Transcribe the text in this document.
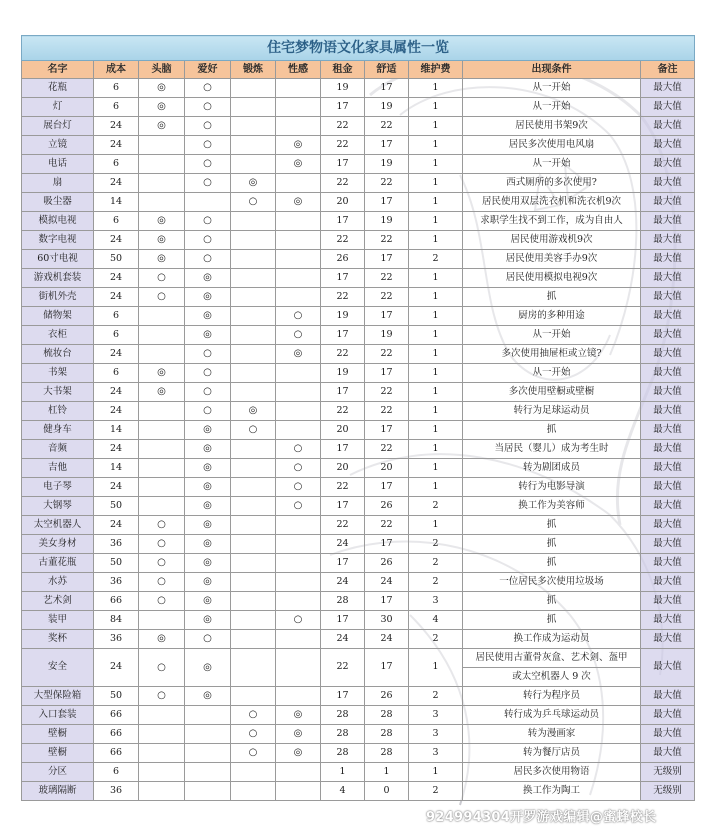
住宅梦物语文化家具属性一览										
名字	成本	头脑	爱好	锻炼	性感	租金	舒适	维护费	出现条件	备注
花瓶	6	◎	○			19	17	1	从一开始	最大值
灯	6	◎	○			17	19	1	从一开始	最大值
展台灯	24	◎	○			22	22	1	居民使用书架9次	最大值
立镜	24		○		◎	22	17	1	居民多次使用电风扇	最大值
电话	6		○		◎	17	19	1	从一开始	最大值
扇	24		○	◎		22	22	1	西式厕所的多次使用?	最大值
吸尘器	14			○	◎	20	17	1	居民使用双层洗衣机和洗衣机9次	最大值
模拟电视	6	◎	○			17	19	1	求职学生找不到工作，成为自由人	最大值
数字电视	24	◎	○			22	22	1	居民使用游戏机9次	最大值
60寸电视	50	◎	○			26	17	2	居民使用美容手办9次	最大值
游戏机套装	24	○	◎			17	22	1	居民使用模拟电视9次	最大值
街机外壳	24	○	◎			22	22	1	抓	最大值
储物架	6		◎		○	19	17	1	厨房的多种用途	最大值
衣柜	6		◎		○	17	19	1	从一开始	最大值
梳妆台	24		○		◎	22	22	1	多次使用抽屉柜或立镜?	最大值
书架	6	◎	○			19	17	1	从一开始	最大值
大书架	24	◎	○			17	22	1	多次使用壁橱或壁橱	最大值
杠铃	24		○	◎		22	22	1	转行为足球运动员	最大值
健身车	14		◎	○		20	17	1	抓	最大值
音频	24		◎		○	17	22	1	当居民（婴儿）成为考生时	最大值
吉他	14		◎		○	20	20	1	转为剧团成员	最大值
电子琴	24		◎		○	22	17	1	转行为电影导演	最大值
大钢琴	50		◎		○	17	26	2	换工作为美容师	最大值
太空机器人	24	○	◎			22	22	1	抓	最大值
美女身材	36	○	◎			24	17	2	抓	最大值
古董花瓶	50	○	◎			17	26	2	抓	最大值
水苏	36	○	◎			24	24	2	一位居民多次使用垃圾场	最大值
艺术剑	66	○	◎			28	17	3	抓	最大值
装甲	84		◎		○	17	30	4	抓	最大值
奖杯	36	◎	○			24	24	2	换工作成为运动员	最大值
安全	24	○	◎			22	17	1	居民使用古董骨灰盒、艺术剑、盔甲
或太空机器人 9 次	最大值
大型保险箱	50	○	◎			17	26	2	转行为程序员	最大值
入口套装	66			○	◎	28	28	3	转行成为乒乓球运动员	最大值
壁橱	66			○	◎	28	28	3	转为漫画家	最大值
壁橱	66			○	◎	28	28	3	转为餐厅店员	最大值
分区	6					1	1	1	居民多次使用物语	无级别
玻璃隔断	36					4	0	2	换工作为陶工	无级别
924994304开罗游戏编辑@蜜蜂校长
